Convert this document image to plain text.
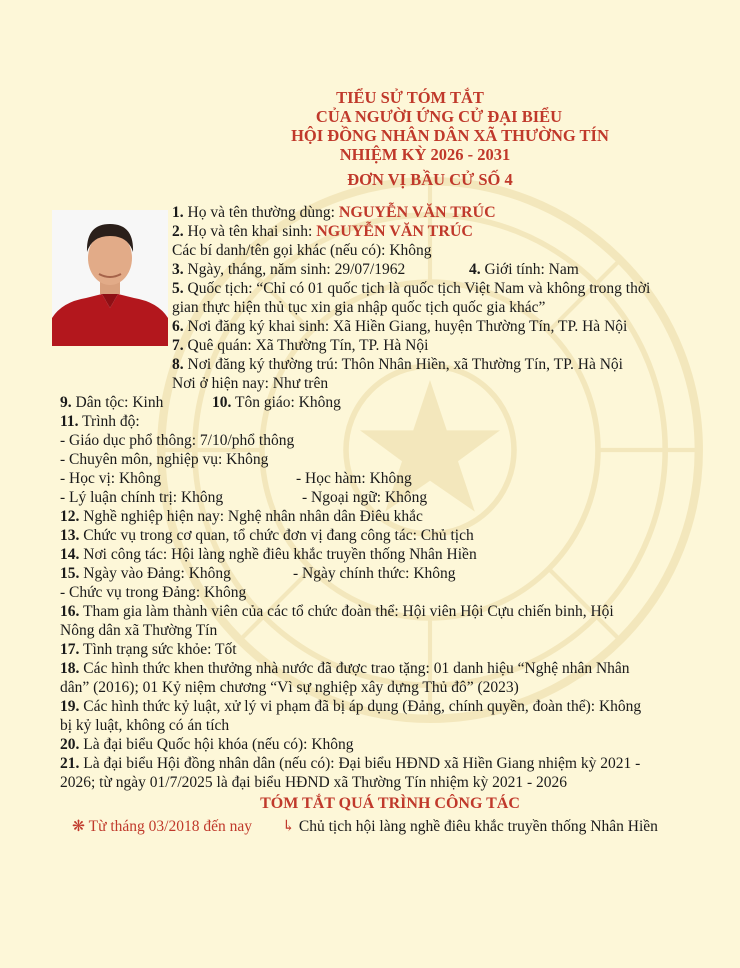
TIỂU SỬ TÓM TẮT
CỦA NGƯỜI ỨNG CỬ ĐẠI BIỂU
HỘI ĐỒNG NHÂN DÂN XÃ THƯỜNG TÍN
NHIỆM KỲ 2026 - 2031
ĐƠN VỊ BẦU CỬ SỐ 4
1. Họ và tên thường dùng: NGUYỄN VĂN TRÚC
2. Họ và tên khai sinh: NGUYỄN VĂN TRÚC
Các bí danh/tên gọi khác (nếu có): Không
3. Ngày, tháng, năm sinh: 29/07/1962	4. Giới tính: Nam
5. Quốc tịch: “Chỉ có 01 quốc tịch là quốc tịch Việt Nam và không trong thời
gian thực hiện thủ tục xin gia nhập quốc tịch quốc gia khác”
6. Nơi đăng ký khai sinh: Xã Hiền Giang, huyện Thường Tín, TP. Hà Nội
7. Quê quán: Xã Thường Tín, TP. Hà Nội
8. Nơi đăng ký thường trú: Thôn Nhân Hiền, xã Thường Tín, TP. Hà Nội
Nơi ở hiện nay: Như trên
9. Dân tộc: Kinh	10. Tôn giáo: Không
11. Trình độ:
- Giáo dục phổ thông: 7/10/phổ thông
- Chuyên môn, nghiệp vụ: Không
- Học vị: Không	- Học hàm: Không
- Lý luận chính trị: Không	- Ngoại ngữ: Không
12. Nghề nghiệp hiện nay: Nghệ nhân nhân dân Điêu khắc
13. Chức vụ trong cơ quan, tổ chức đơn vị đang công tác: Chủ tịch
14. Nơi công tác: Hội làng nghề điêu khắc truyền thống Nhân Hiền
15. Ngày vào Đảng: Không	- Ngày chính thức: Không
- Chức vụ trong Đảng: Không
16. Tham gia làm thành viên của các tổ chức đoàn thể: Hội viên Hội Cựu chiến binh, Hội
Nông dân xã Thường Tín
17. Tình trạng sức khỏe: Tốt
18. Các hình thức khen thưởng nhà nước đã được trao tặng: 01 danh hiệu “Nghệ nhân Nhân
dân” (2016); 01 Kỷ niệm chương “Vì sự nghiệp xây dựng Thủ đô” (2023)
19. Các hình thức kỷ luật, xử lý vi phạm đã bị áp dụng (Đảng, chính quyền, đoàn thể): Không
bị kỷ luật, không có án tích
20. Là đại biểu Quốc hội khóa (nếu có): Không
21. Là đại biểu Hội đồng nhân dân (nếu có): Đại biểu HĐND xã Hiền Giang nhiệm kỳ 2021 -
2026; từ ngày 01/7/2025 là đại biểu HĐND xã Thường Tín nhiệm kỳ 2021 - 2026
TÓM TẮT QUÁ TRÌNH CÔNG TÁC
❋ Từ tháng 03/2018 đến nay ↳ Chủ tịch hội làng nghề điêu khắc truyền thống Nhân Hiền
